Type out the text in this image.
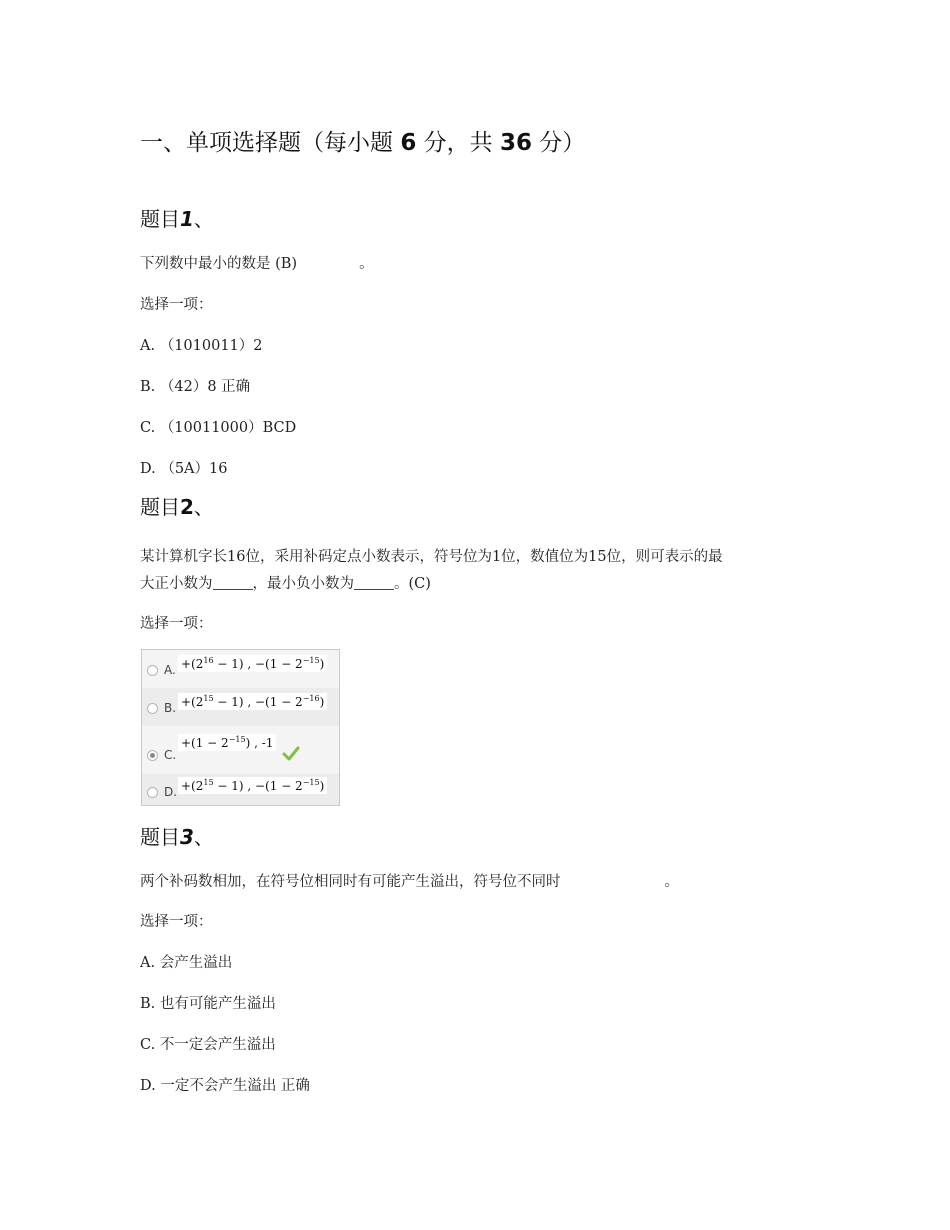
一、单项选择题（每小题 6 分，共 36 分）
题目1、
下列数中最小的数是 (B)	。
选择一项：
A. （1010011）2
B. （42）8 正确
C. （10011000）BCD
D. （5A）16
题目2、
某计算机字长16位，采用补码定点小数表示，符号位为1位，数值位为15位，则可表示的最
大正小数为	，最小负小数为	。(C)
选择一项：
A. $+(2^{16} - 1)$ , $-(1 - 2^{-15})$
B. $+(2^{15} - 1)$ , $-(1 - 2^{-16})$
C.
$+(1 - 2^{-15})$ , -1
D. $+(2^{15} - 1)$ , $-(1 - 2^{-15})$
题目3、
两个补码数相加，在符号位相同时有可能产生溢出，符号位不同时	。
选择一项：
A. 会产生溢出
B. 也有可能产生溢出
C. 不一定会产生溢出
D. 一定不会产生溢出 正确
